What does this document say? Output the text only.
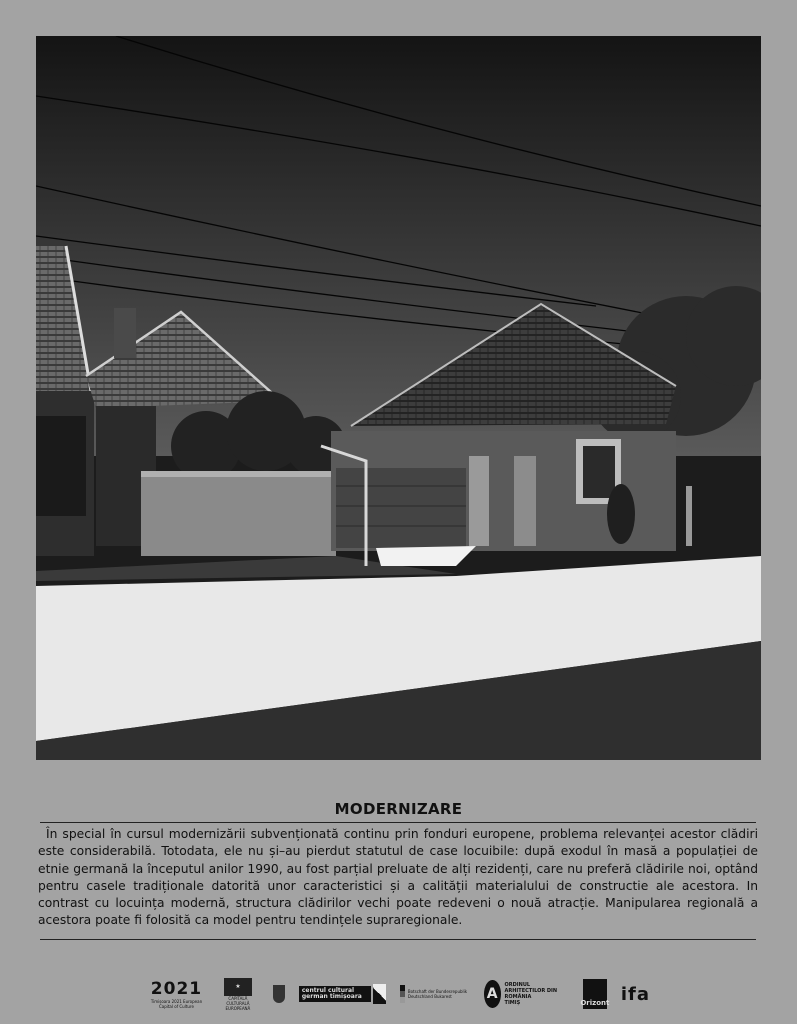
MODERNIZARE
În special în cursul modernizării subvenționată continu prin fonduri europene, problema relevanței acestor clădiri este considerabilă. Totodata, ele nu și–au pierdut statutul de case locuibile: după exodul în masă a populației de etnie germană la începutul anilor 1990, au fost parțial preluate de alți rezidenți, care nu preferă clădirile noi, optând pentru casele tradiționale datorită unor caracteristici și a calității materialului de constructie ale acestora. In contrast cu locuința modernă, structura clădirilor vechi poate redeveni o nouă atracție. Manipularea regională a acestora poate fi folosită ca model pentru tendințele supraregionale.
2021
Timișoara 2021 European Capital of Culture
★
CAPITALĂ CULTURALĂ EUROPEANĂ
centrul cultural german timișoara
Botschaft der Bundesrepublik Deutschland Bukarest	A
ORDINUL ARHITECTILOR DIN ROMÂNIA
TIMIȘ	Orizont ifa
